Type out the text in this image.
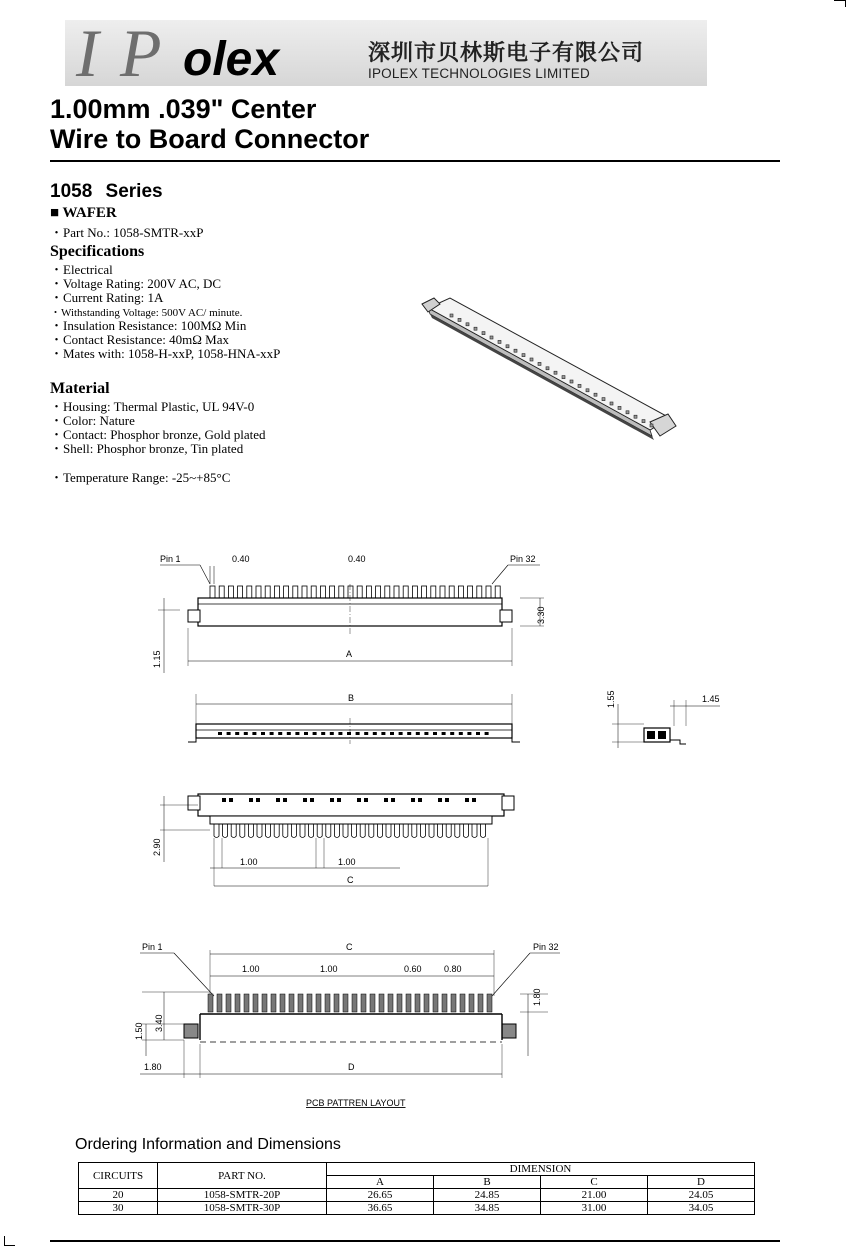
I P olex	深圳市贝林斯电子有限公司
IPOLEX TECHNOLOGIES LIMITED
1.00mm .039" Center
Wire to Board Connector
1058 Series
■ WAFER
・Part No.: 1058-SMTR-xxP
Specifications
・Electrical
・Voltage Rating: 200V AC, DC
・Current Rating: 1A
・Withstanding Voltage: 500V AC/ minute.
・Insulation Resistance: 100MΩ Min
・Contact Resistance: 40mΩ Max
・Mates with: 1058-H-xxP, 1058-HNA-xxP
Material
・Housing: Thermal Plastic, UL 94V-0
・Color: Nature
・Contact: Phosphor bronze, Gold plated
・Shell: Phosphor bronze, Tin plated
・Temperature Range: -25~+85°C
Pin 1	0.40	0.40	Pin 32
3.30
1.15	A
B	1.55	1.45
2.90
1.00	1.00
C
Pin 1	C	Pin 32
1.00	1.00	0.60 0.80
1.80
3.40
1.50
1.80	D
PCB PATTREN LAYOUT
Ordering Information and Dimensions
CIRCUITS	PART NO.	DIMENSION			
		A	B	C	D
20	1058-SMTR-20P	26.65	24.85	21.00	24.05
30	1058-SMTR-30P	36.65	34.85	31.00	34.05
